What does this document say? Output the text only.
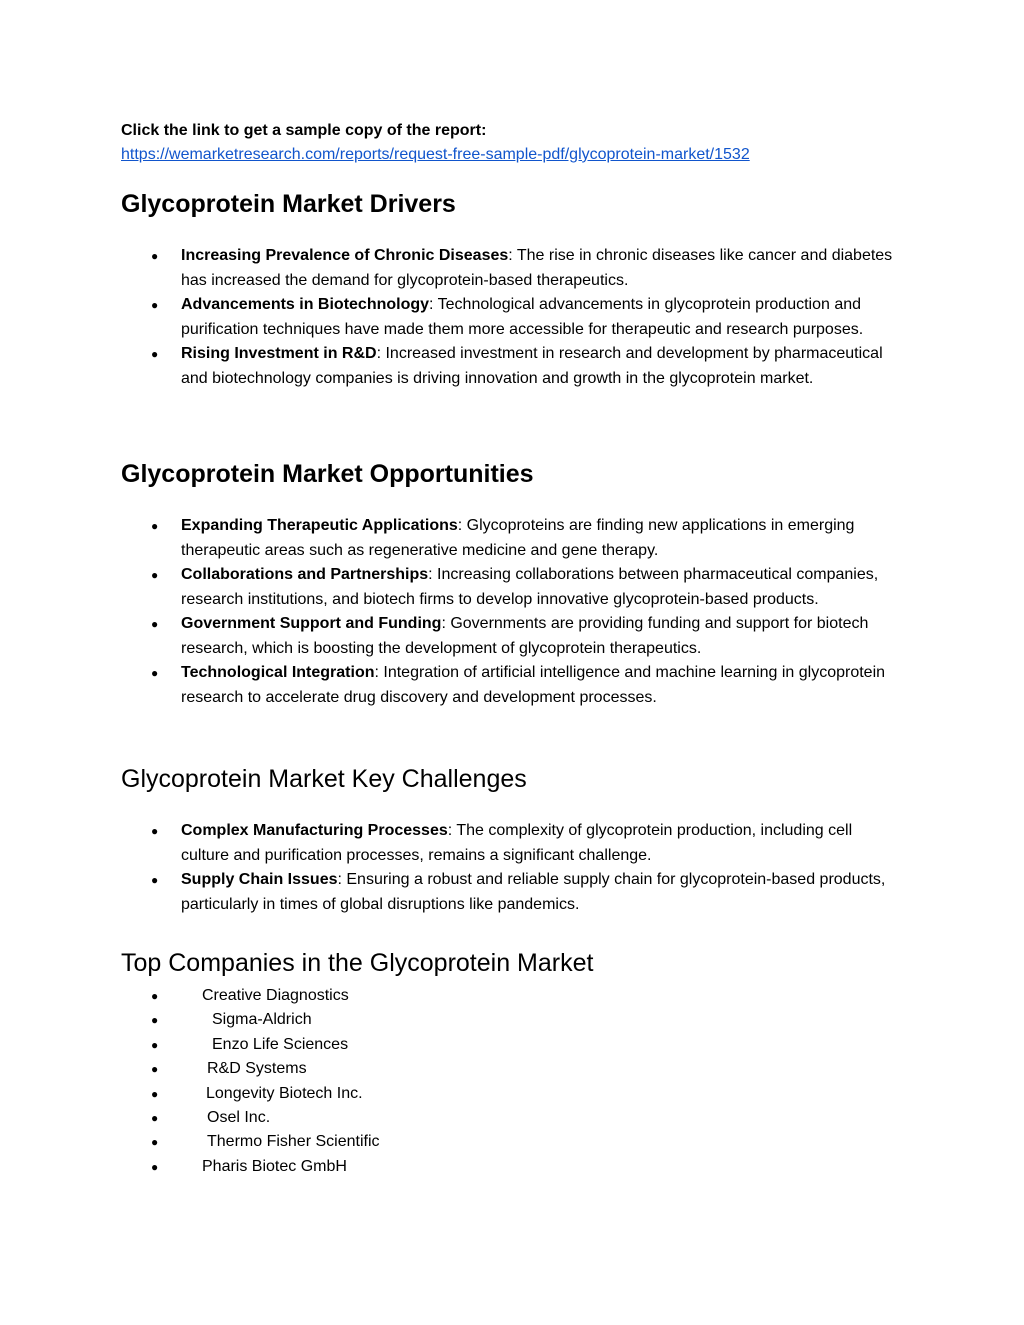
Click the link to get a sample copy of the report:
https://wemarketresearch.com/reports/request-free-sample-pdf/glycoprotein-market/1532
Glycoprotein Market Drivers
● Increasing Prevalence of Chronic Diseases: The rise in chronic diseases like cancer and diabetes has increased the demand for glycoprotein-based therapeutics.
● Advancements in Biotechnology: Technological advancements in glycoprotein production and purification techniques have made them more accessible for therapeutic and research purposes.
● Rising Investment in R&D: Increased investment in research and development by pharmaceutical and biotechnology companies is driving innovation and growth in the glycoprotein market.
Glycoprotein Market Opportunities
● Expanding Therapeutic Applications: Glycoproteins are finding new applications in emerging therapeutic areas such as regenerative medicine and gene therapy.
● Collaborations and Partnerships: Increasing collaborations between pharmaceutical companies, research institutions, and biotech firms to develop innovative glycoprotein-based products.
● Government Support and Funding: Governments are providing funding and support for biotech research, which is boosting the development of glycoprotein therapeutics.
● Technological Integration: Integration of artificial intelligence and machine learning in glycoprotein research to accelerate drug discovery and development processes.
Glycoprotein Market Key Challenges
● Complex Manufacturing Processes: The complexity of glycoprotein production, including cell culture and purification processes, remains a significant challenge.
● Supply Chain Issues: Ensuring a robust and reliable supply chain for glycoprotein-based products, particularly in times of global disruptions like pandemics.
Top Companies in the Glycoprotein Market
●	Creative Diagnostics
●	Sigma-Aldrich
●	Enzo Life Sciences
●	R&D Systems
●	Longevity Biotech Inc.
●	Osel Inc.
●	Thermo Fisher Scientific
●	Pharis Biotec GmbH
